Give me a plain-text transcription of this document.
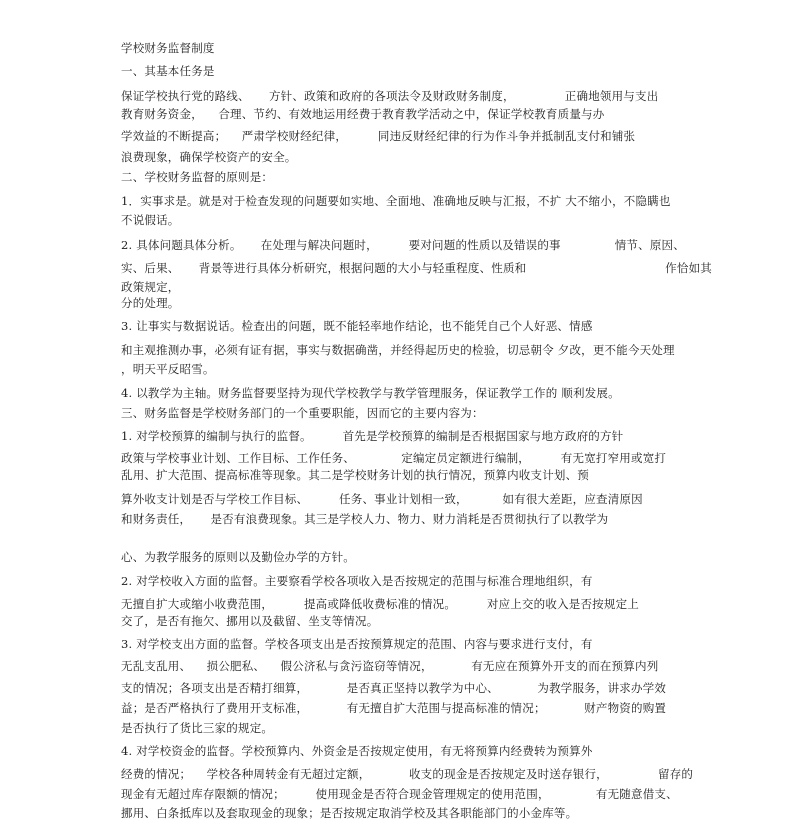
学校财务监督制度
一、其基本任务是
保证学校执行党的路线、     方针、政策和政府的各项法令及财政财务制度，             正确地领用与支出
教育财务资金，    合理、节约、有效地运用经费于教育教学活动之中，保证学校教育质量与办
学效益的不断提高；    严肃学校财经纪律，        同违反财经纪律的行为作斗争并抵制乱支付和铺张
浪费现象，确保学校资产的安全。
二、学校财务监督的原则是：
1．实事求是。就是对于检查发现的问题要如实地、全面地、准确地反映与汇报，不扩 大不缩小，不隐瞒也
不说假话。
2. 具体问题具体分析。     在处理与解决问题时，        要对问题的性质以及错误的事              情节、原因、
实、后果、     背景等进行具体分析研究，根据问题的大小与轻重程度、性质和                                    作恰如其
政策规定，
分的处理。
3. 让事实与数据说话。检查出的问题，既不能轻率地作结论，也不能凭自己个人好恶、情感
和主观推测办事，必须有证有据，事实与数据确凿，并经得起历史的检验，切忌朝令 夕改，更不能今天处理
，明天平反昭雪。
4. 以教学为主轴。财务监督要坚持为现代学校教学与教学管理服务，保证教学工作的 顺利发展。
三、财务监督是学校财务部门的一个重要职能，因而它的主要内容为：
1. 对学校预算的编制与执行的监督。        首先是学校预算的编制是否根据国家与地方政府的方针
政策与学校事业计划、工作目标、工作任务、            定编定员定额进行编制，        有无宽打窄用或宽打
乱用、扩大范围、提高标准等现象。其二是学校财务计划的执行情况，预算内收支计划、预
算外收支计划是否与学校工作目标、        任务、事业计划相一致，         如有很大差距，应查清原因
和财务责任，     是否有浪费现象。其三是学校人力、物力、财力消耗是否贯彻执行了以教学为
心、为教学服务的原则以及勤俭办学的方针。
2. 对学校收入方面的监督。主要察看学校各项收入是否按规定的范围与标准合理地组织，有
无擅自扩大或缩小收费范围，        提高或降低收费标准的情况。        对应上交的收入是否按规定上
交了，是否有拖欠、挪用以及截留、坐支等情况。
3. 对学校支出方面的监督。学校各项支出是否按预算规定的范围、内容与要求进行支付，有
无乱支乱用、    损公肥私、    假公济私与贪污盗窃等情况，          有无应在预算外开支的而在预算内列
支的情况；各项支出是否精打细算，          是否真正坚持以教学为中心、          为教学服务，讲求办学效
益；是否严格执行了费用开支标准，          有无擅自扩大范围与提高标准的情况；          财产物资的购置
是否执行了货比三家的规定。
4. 对学校资金的监督。学校预算内、外资金是否按规定使用，有无将预算内经费转为预算外
经费的情况；    学校各种周转金有无超过定额，          收支的现金是否按规定及时送存银行，             留存的
现金有无超过库存限额的情况；        使用现金是否符合现金管理规定的使用范围，            有无随意借支、
挪用、白条抵库以及套取现金的现象；是否按规定取消学校及其各职能部门的小金库等。
